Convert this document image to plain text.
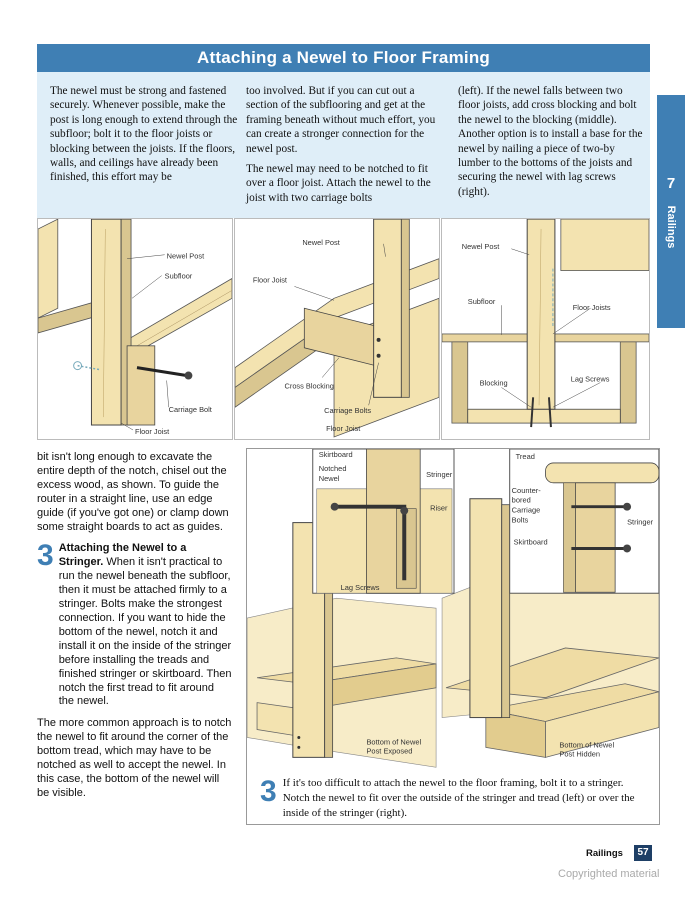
Attaching a Newel to Floor Framing

The newel must be strong and fastened securely. Whenever possible, make the post is long enough to extend through the subfloor; bolt it to the floor joists or blocking between the joists. If the floors, walls, and ceilings have already been finished, this effort may be

too involved. But if you can cut out a section of the subflooring and get at the framing beneath without much effort, you can create a stronger connection for the newel post.

The newel may need to be notched to fit over a floor joist. Attach the newel to the joist with two carriage bolts

(left). If the newel falls between two floor joists, add cross blocking and bolt the newel to the blocking (middle). Another option is to install a base for the newel by nailing a piece of two-by lumber to the bottoms of the joists and securing the newel with lag screws (right).	7
Railings
Newel Post
Subfloor
Carriage Bolt
Floor Joist
Newel Post
Floor Joist
Cross Blocking
Carriage Bolts
Floor Joist
Newel Post
Subfloor
Floor Joists
Blocking	Lag Screws

bit isn't long enough to excavate the entire depth of the notch, chisel out the excess wood, as shown. To guide the router in a straight line, use an edge guide (if you've got one) or clamp down some straight boards to act as guides.

3 Attaching the Newel to a Stringer. When it isn't practical to run the newel beneath the subfloor, then it must be attached firmly to a stringer. Bolts make the strongest connection. If you want to hide the bottom of the newel, notch it and install it on the inside of the stringer before installing the treads and finished stringer or skirtboard. Then notch the first tread to fit around the newel.

The more common approach is to notch the newel to fit around the corner of the bottom tread, which may have to be notched as well to accept the newel. In this case, the bottom of the newel will be visible.

Skirtboard
Notched
Newel	Stringer
Riser
Lag Screws
Tread
Counter-
bored
Carriage
Bolts
Skirtboard
Stringer
Bottom of Newel
Post Exposed
Bottom of Newel
Post Hidden
3 If it's too difficult to attach the newel to the floor framing, bolt it to a stringer. Notch the newel to fit over the outside of the stringer and tread (left) or over the inside of the stringer (right).
Railings	57
Copyrighted material
